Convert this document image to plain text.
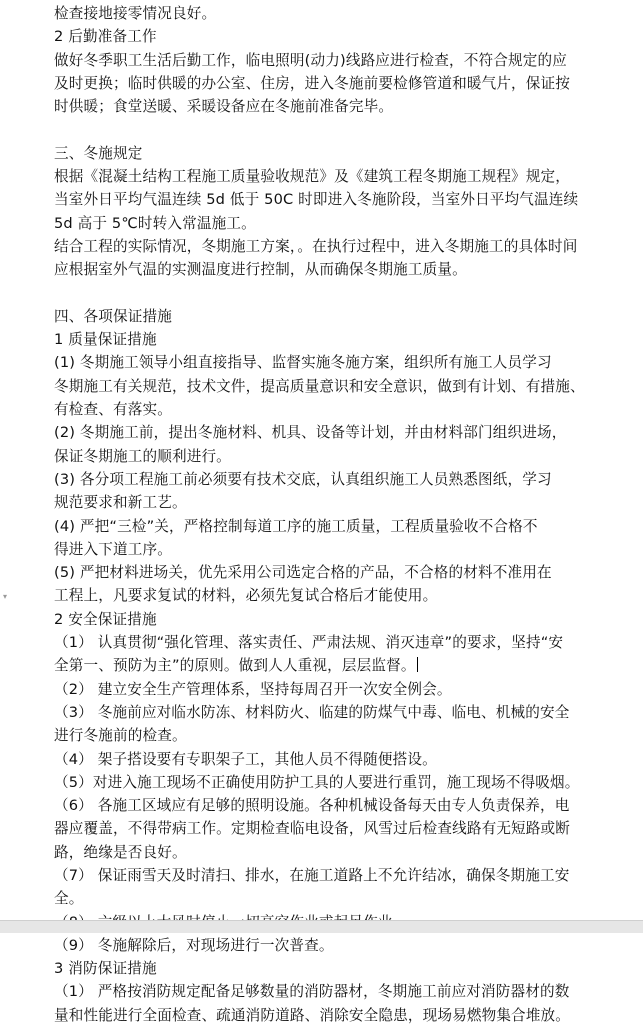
检查接地接零情况良好。
2 后勤准备工作
做好冬季职工生活后勤工作，临电照明(动力)线路应进行检查，不符合规定的应
及时更换；临时供暖的办公室、住房，进入冬施前要检修管道和暖气片，保证按
时供暖；食堂送暖、采暖设备应在冬施前准备完毕。
三、冬施规定
根据《混凝土结构工程施工质量验收规范》及《建筑工程冬期施工规程》规定，
当室外日平均气温连续 5d 低于 50C 时即进入冬施阶段，当室外日平均气温连续
5d 高于 5℃时转入常温施工。
结合工程的实际情况，冬期施工方案，。在执行过程中，进入冬期施工的具体时间
应根据室外气温的实测温度进行控制，从而确保冬期施工质量。
四、各项保证措施
1 质量保证措施
(1) 冬期施工领导小组直接指导、监督实施冬施方案，组织所有施工人员学习
冬期施工有关规范，技术文件，提高质量意识和安全意识，做到有计划、有措施、
有检查、有落实。
(2) 冬期施工前，提出冬施材料、机具、设备等计划，并由材料部门组织进场，
保证冬期施工的顺利进行。
(3) 各分项工程施工前必须要有技术交底，认真组织施工人员熟悉图纸，学习
规范要求和新工艺。
(4) 严把“三检”关，严格控制每道工序的施工质量，工程质量验收不合格不
得进入下道工序。
(5) 严把材料进场关，优先采用公司选定合格的产品，不合格的材料不准用在
工程上，凡要求复试的材料，必须先复试合格后才能使用。
2 安全保证措施
（1） 认真贯彻“强化管理、落实责任、严肃法规、消灭违章”的要求，坚持“安
全第一、预防为主”的原则。做到人人重视，层层监督。
（2） 建立安全生产管理体系，坚持每周召开一次安全例会。
（3） 冬施前应对临水防冻、材料防火、临建的防煤气中毒、临电、机械的安全
进行冬施前的检查。
（4） 架子搭设要有专职架子工，其他人员不得随便搭设。
（5）对进入施工现场不正确使用防护工具的人要进行重罚，施工现场不得吸烟。
（6） 各施工区域应有足够的照明设施。各种机械设备每天由专人负责保养，电
器应覆盖，不得带病工作。定期检查临电设备，风雪过后检查线路有无短路或断
路，绝缘是否良好。
（7） 保证雨雪天及时清扫、排水，在施工道路上不允许结冰，确保冬期施工安
全。
（9） 冬施解除后，对现场进行一次普查。
3 消防保证措施
（1） 严格按消防规定配备足够数量的消防器材，冬期施工前应对消防器材的数
量和性能进行全面检查、疏通消防道路、消除安全隐患，现场易燃物集合堆放。
▾
